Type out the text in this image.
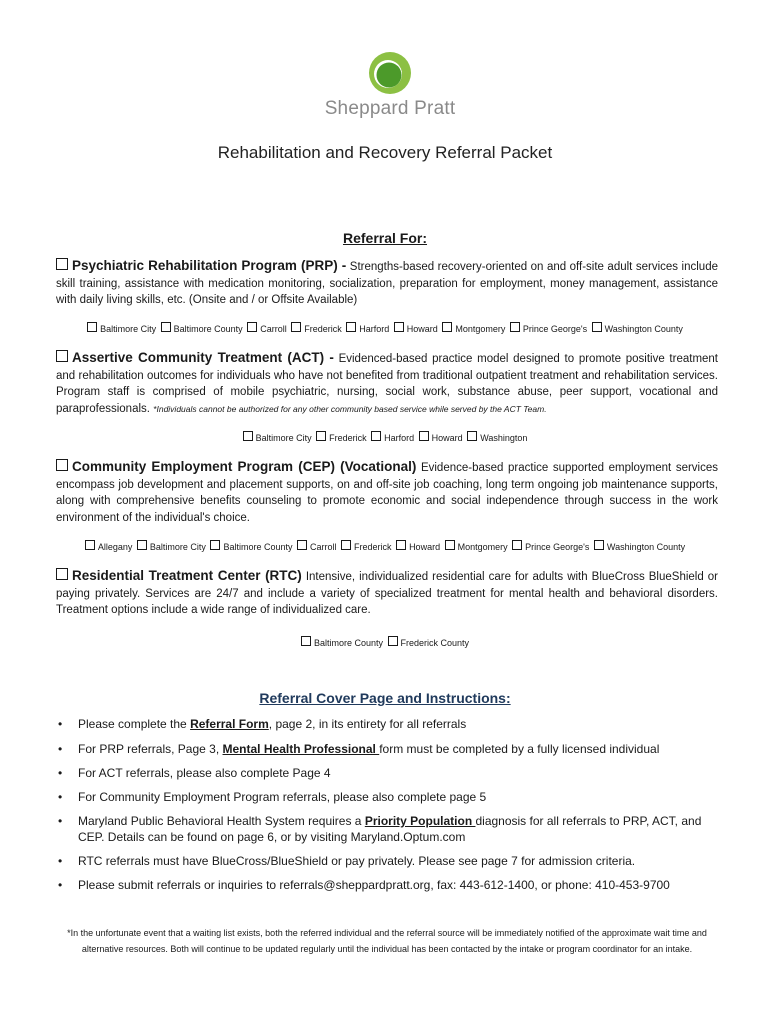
Sheppard Pratt
Rehabilitation and Recovery Referral Packet
Referral For:
Psychiatric Rehabilitation Program (PRP) - Strengths-based recovery-oriented on and off-site adult services include skill training, assistance with medication monitoring, socialization, preparation for employment, money management, assistance with daily living skills, etc. (Onsite and / or Offsite Available)
Baltimore City Baltimore County Carroll Frederick Harford Howard Montgomery Prince George's Washington County
Assertive Community Treatment (ACT) - Evidenced-based practice model designed to promote positive treatment and rehabilitation outcomes for individuals who have not benefited from traditional outpatient treatment and rehabilitation services. Program staff is comprised of mobile psychiatric, nursing, social work, substance abuse, peer support, vocational and paraprofessionals. *Individuals cannot be authorized for any other community based service while served by the ACT Team.
Baltimore City Frederick Harford Howard Washington
Community Employment Program (CEP) (Vocational) Evidence-based practice supported employment services encompass job development and placement supports, on and off-site job coaching, long term ongoing job maintenance supports, along with comprehensive benefits counseling to promote economic and social independence through success in the work environment of the individual's choice.
Allegany Baltimore City Baltimore County Carroll Frederick Howard Montgomery Prince George's Washington County
Residential Treatment Center (RTC) Intensive, individualized residential care for adults with BlueCross BlueShield or paying privately. Services are 24/7 and include a variety of specialized treatment for mental health and behavioral disorders. Treatment options include a wide range of individualized care.
Baltimore County Frederick County
Referral Cover Page and Instructions:
• Please complete the Referral Form, page 2, in its entirety for all referrals
• For PRP referrals, Page 3, Mental Health Professional form must be completed by a fully licensed individual
• For ACT referrals, please also complete Page 4
• For Community Employment Program referrals, please also complete page 5
• Maryland Public Behavioral Health System requires a Priority Population diagnosis for all referrals to PRP, ACT, and CEP. Details can be found on page 6, or by visiting Maryland.Optum.com
• RTC referrals must have BlueCross/BlueShield or pay privately. Please see page 7 for admission criteria.
• Please submit referrals or inquiries to referrals@sheppardpratt.org, fax: 443-612-1400, or phone: 410-453-9700
*In the unfortunate event that a waiting list exists, both the referred individual and the referral source will be immediately notified of the approximate wait time and alternative resources. Both will continue to be updated regularly until the individual has been contacted by the intake or program coordinator for an intake.
